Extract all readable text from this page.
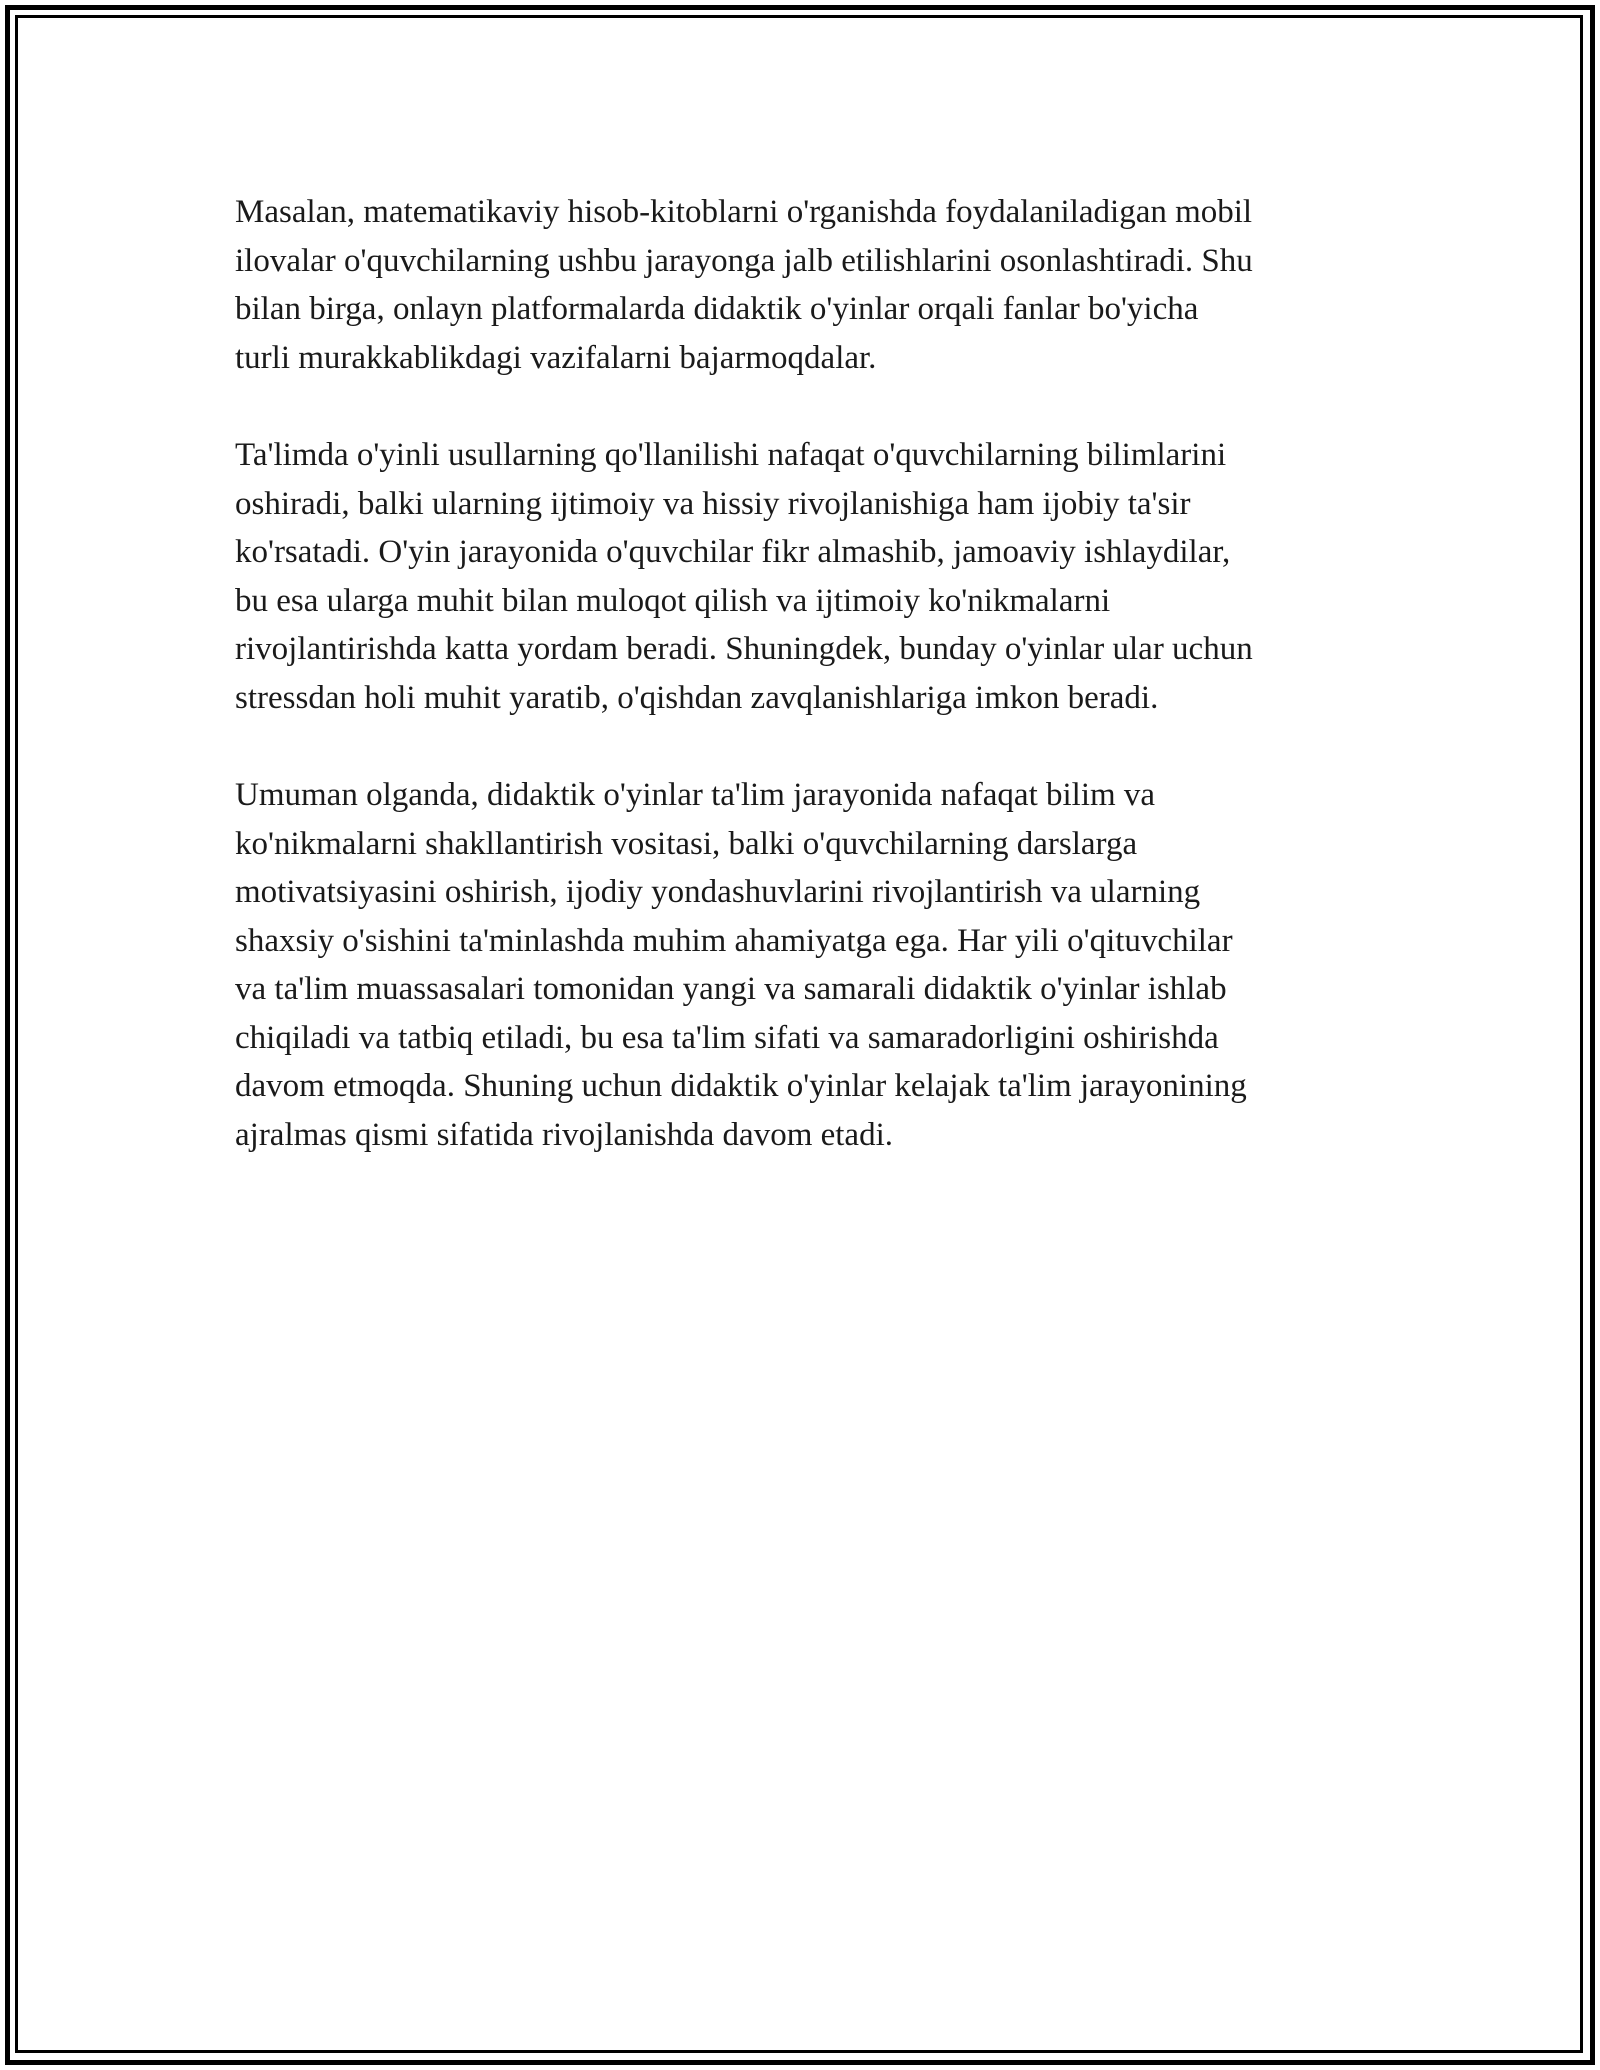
Masalan, matematikaviy hisob-kitoblarni o'rganishda foydalaniladigan mobil
ilovalar o'quvchilarning ushbu jarayonga jalb etilishlarini osonlashtiradi. Shu
bilan birga, onlayn platformalarda didaktik o'yinlar orqali fanlar bo'yicha
turli murakkablikdagi vazifalarni bajarmoqdalar.

Ta'limda o'yinli usullarning qo'llanilishi nafaqat o'quvchilarning bilimlarini
oshiradi, balki ularning ijtimoiy va hissiy rivojlanishiga ham ijobiy ta'sir
ko'rsatadi. O'yin jarayonida o'quvchilar fikr almashib, jamoaviy ishlaydilar,
bu esa ularga muhit bilan muloqot qilish va ijtimoiy ko'nikmalarni
rivojlantirishda katta yordam beradi. Shuningdek, bunday o'yinlar ular uchun
stressdan holi muhit yaratib, o'qishdan zavqlanishlariga imkon beradi.

Umuman olganda, didaktik o'yinlar ta'lim jarayonida nafaqat bilim va
ko'nikmalarni shakllantirish vositasi, balki o'quvchilarning darslarga
motivatsiyasini oshirish, ijodiy yondashuvlarini rivojlantirish va ularning
shaxsiy o'sishini ta'minlashda muhim ahamiyatga ega. Har yili o'qituvchilar
va ta'lim muassasalari tomonidan yangi va samarali didaktik o'yinlar ishlab
chiqiladi va tatbiq etiladi, bu esa ta'lim sifati va samaradorligini oshirishda
davom etmoqda. Shuning uchun didaktik o'yinlar kelajak ta'lim jarayonining
ajralmas qismi sifatida rivojlanishda davom etadi.
